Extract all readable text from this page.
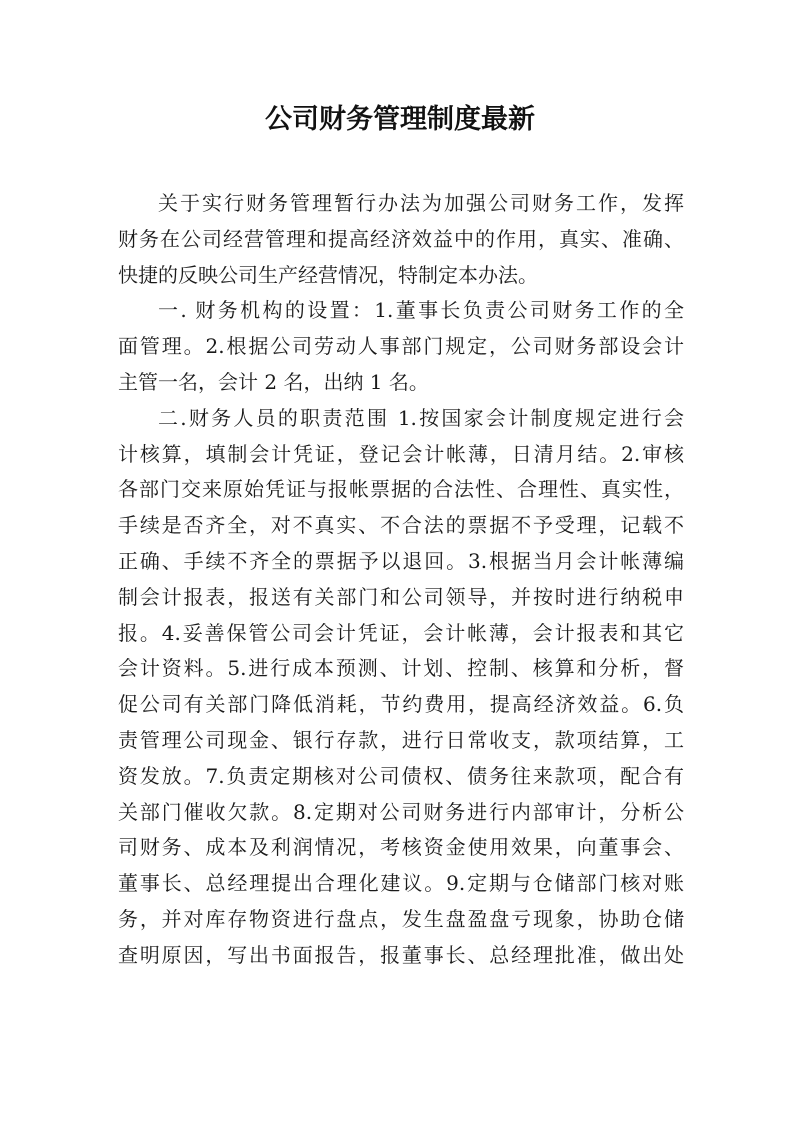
公司财务管理制度最新

关于实行财务管理暂行办法为加强公司财务工作，发挥
财务在公司经营管理和提高经济效益中的作用，真实、准确、
快捷的反映公司生产经营情况，特制定本办法。

一. 财务机构的设置：1.董事长负责公司财务工作的全
面管理。2.根据公司劳动人事部门规定，公司财务部设会计
主管一名，会计 2 名，出纳 1 名。

二.财务人员的职责范围 1.按国家会计制度规定进行会
计核算，填制会计凭证，登记会计帐薄，日清月结。2.审核
各部门交来原始凭证与报帐票据的合法性、合理性、真实性，
手续是否齐全，对不真实、不合法的票据不予受理，记载不
正确、手续不齐全的票据予以退回。3.根据当月会计帐薄编
制会计报表，报送有关部门和公司领导，并按时进行纳税申
报。4.妥善保管公司会计凭证，会计帐薄，会计报表和其它
会计资料。5.进行成本预测、计划、控制、核算和分析，督
促公司有关部门降低消耗，节约费用，提高经济效益。6.负
责管理公司现金、银行存款，进行日常收支，款项结算，工
资发放。7.负责定期核对公司债权、债务往来款项，配合有
关部门催收欠款。8.定期对公司财务进行内部审计，分析公
司财务、成本及利润情况，考核资金使用效果，向董事会、
董事长、总经理提出合理化建议。9.定期与仓储部门核对账
务，并对库存物资进行盘点，发生盘盈盘亏现象，协助仓储
查明原因，写出书面报告，报董事长、总经理批准，做出处
